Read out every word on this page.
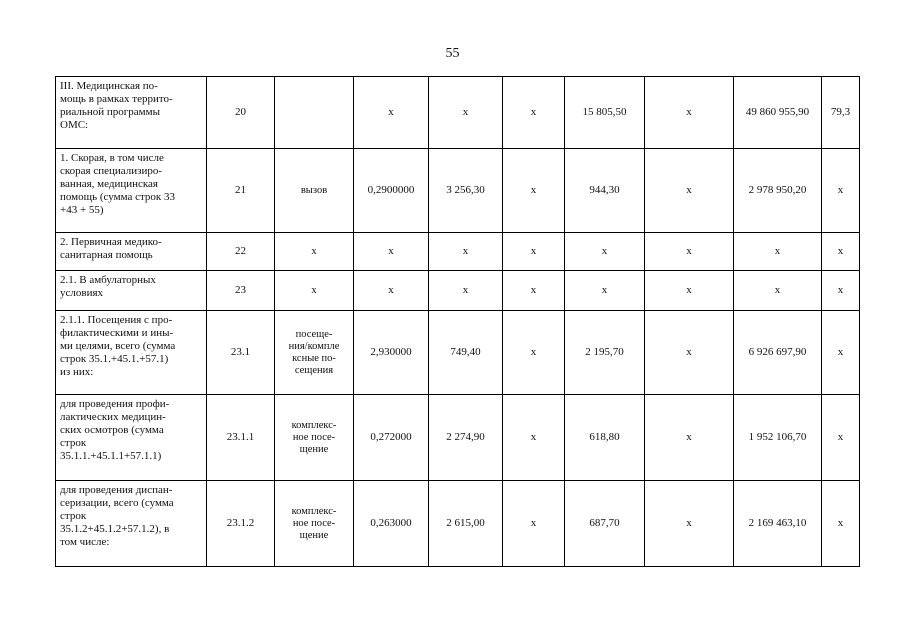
55
III. Медицинская по-
мощь в рамках террито-
риальной программы
ОМС:	20		х	х	х	15 805,50	х	49 860 955,90	79,3
1. Скорая, в том числе
скорая специализиро-
ванная, медицинская
помощь (сумма строк 33
+43 + 55)	21	вызов	0,2900000	3 256,30	х	944,30	х	2 978 950,20	х
2. Первичная медико-
санитарная помощь	22	х	х	х	х	х	х	х	х
2.1. В амбулаторных
условиях	23	х	х	х	х	х	х	х	х
2.1.1. Посещения с про-
филактическими и ины-
ми целями, всего (сумма
строк 35.1.+45.1.+57.1)
из них:	23.1	посеще-
ния/компле
ксные по-
сещения	2,930000	749,40	х	2 195,70	х	6 926 697,90	х
для проведения профи-
лактических медицин-
ских осмотров (сумма
строк
35.1.1.+45.1.1+57.1.1)	23.1.1	комплекс-
ное посе-
щение	0,272000	2 274,90	х	618,80	х	1 952 106,70	х
для проведения диспан-
серизации, всего (сумма
строк
35.1.2+45.1.2+57.1.2), в
том числе:	23.1.2	комплекс-
ное посе-
щение	0,263000	2 615,00	х	687,70	х	2 169 463,10	х
